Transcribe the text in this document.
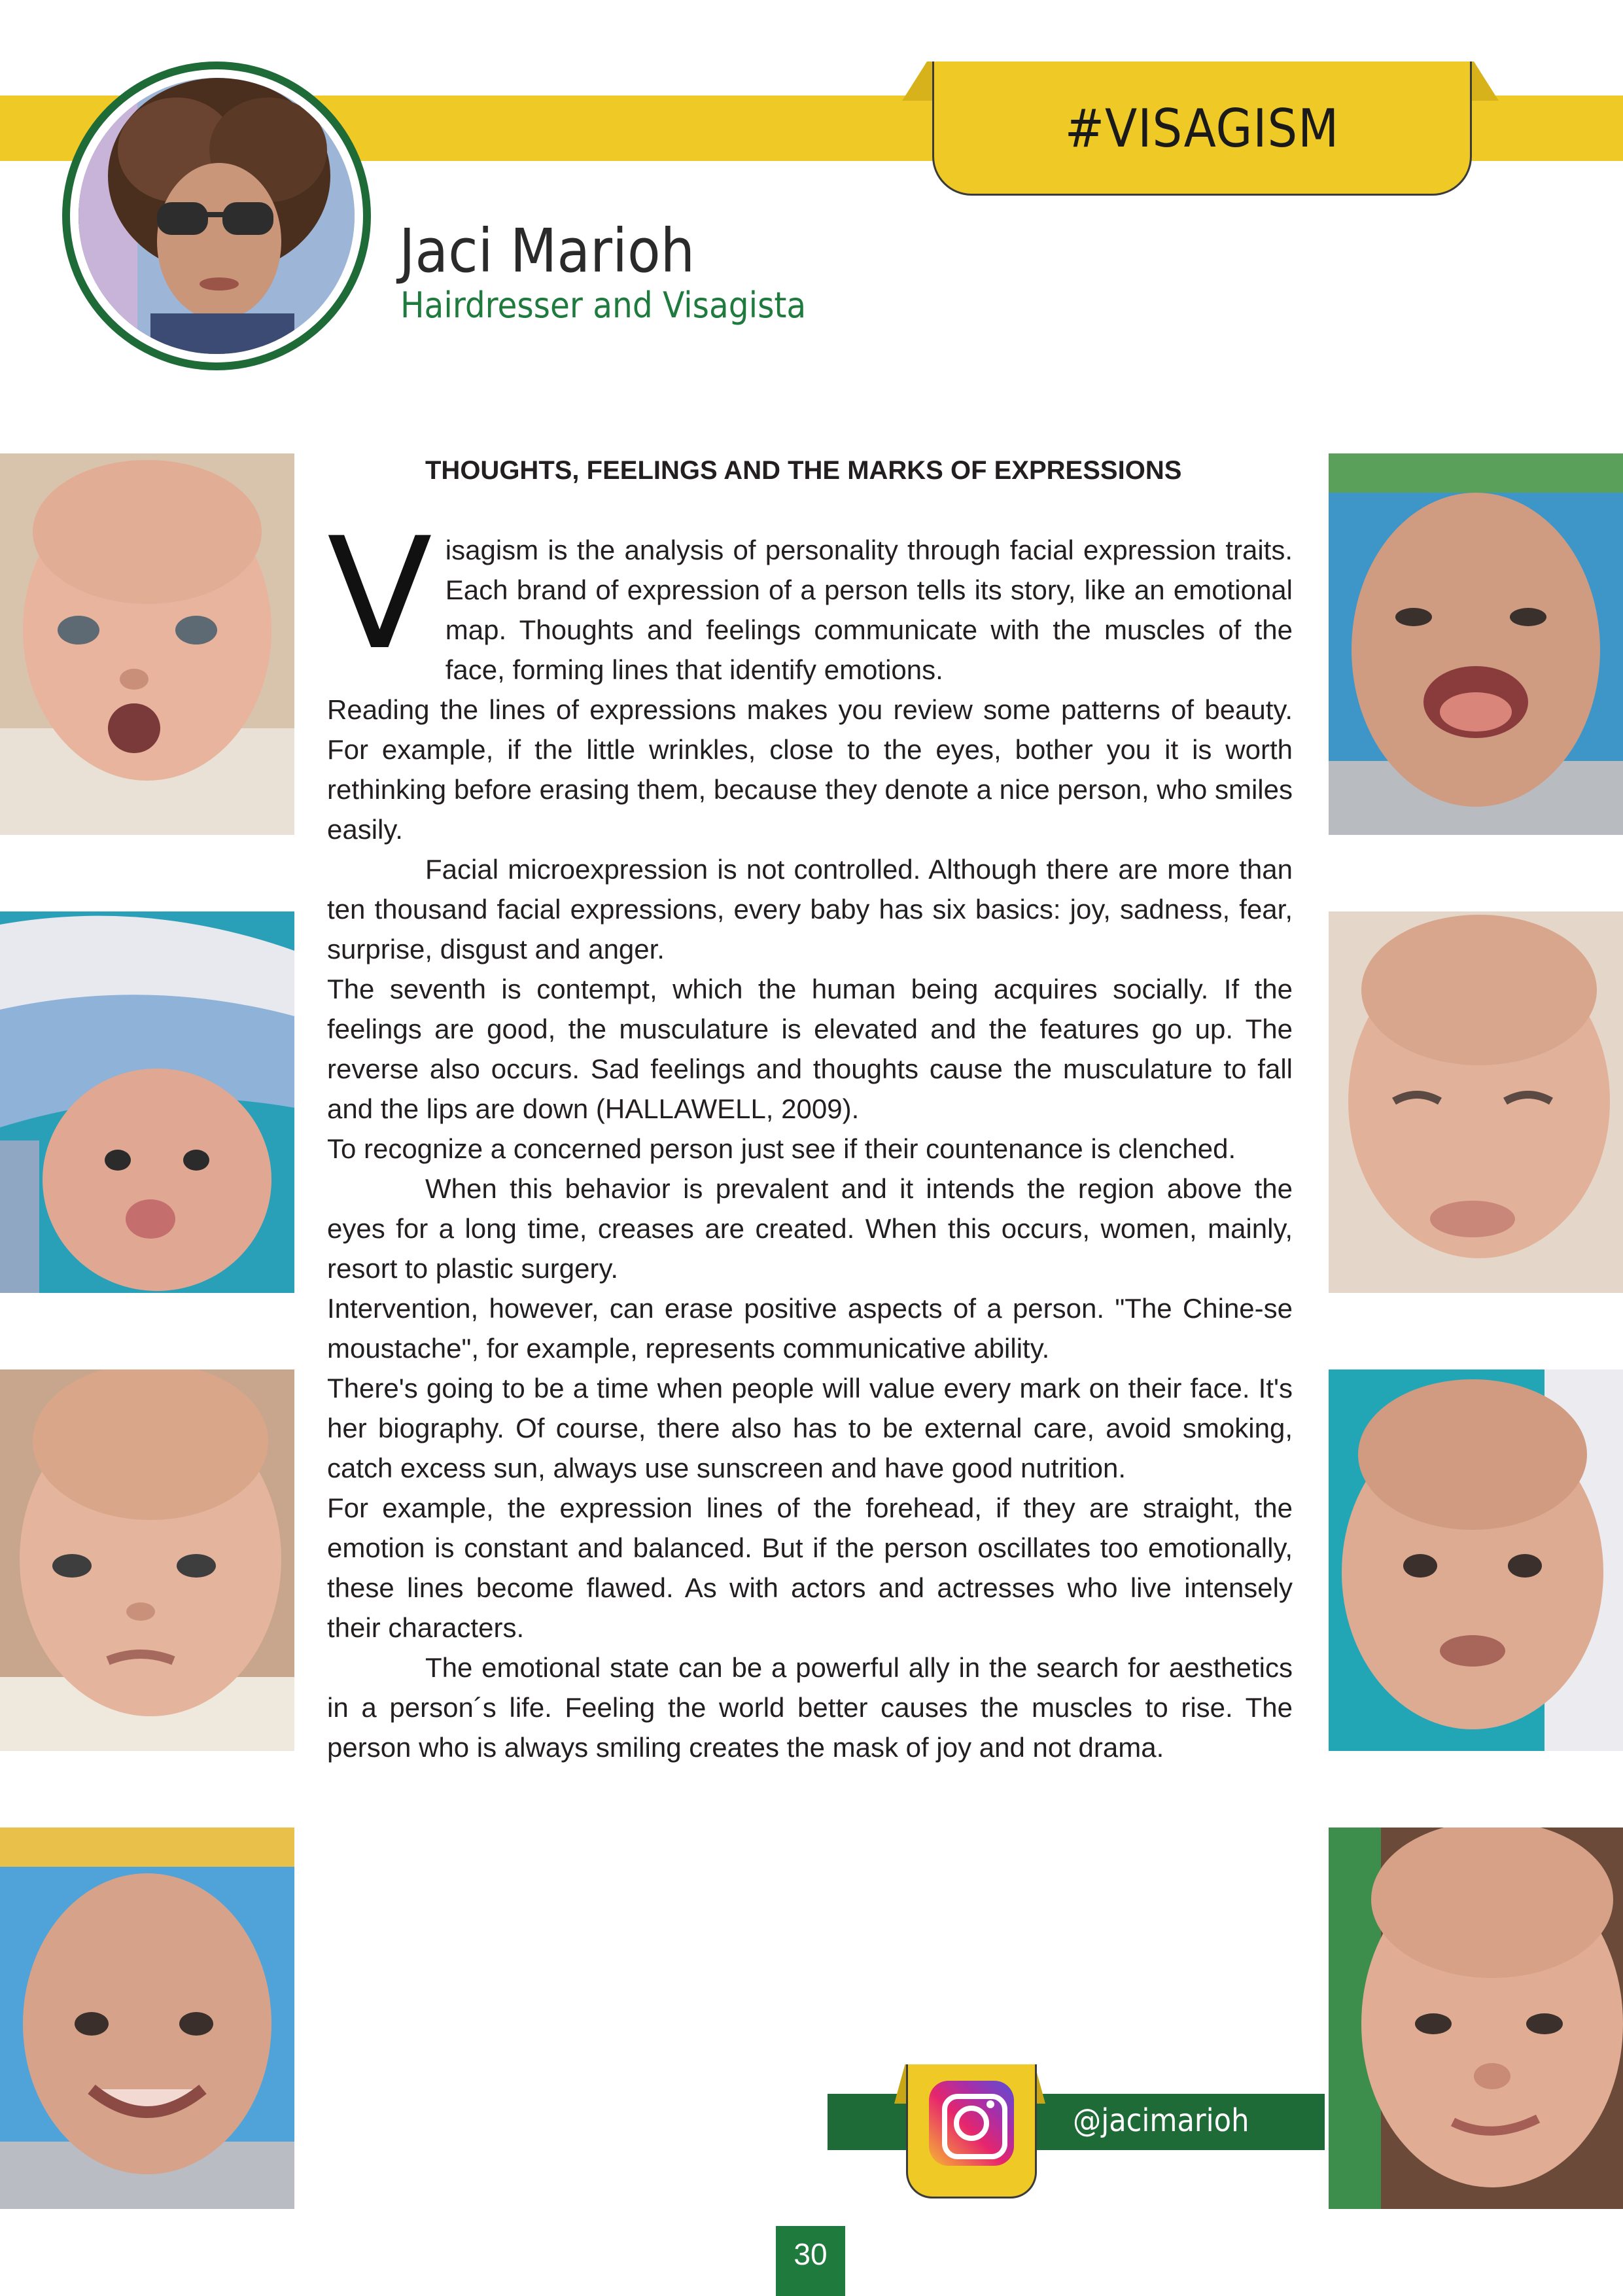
#VISAGISM
Jaci Marioh
Hairdresser and Visagista
THOUGHTS, FEELINGS AND THE MARKS OF EXPRESSIONS

Visagism is the analysis of personality through facial expression traits. Each brand of expression of a person tells its story, like an emotional map. Thoughts and feelings communicate with the muscles of the face, forming lines that identify emotions.

Reading the lines of expressions makes you review some patterns of beauty. For example, if the little wrinkles, close to the eyes, bother you it is worth rethinking before erasing them, because they denote a nice person, who smiles easily.

Facial microexpression is not controlled. Although there are more than ten thousand facial expressions, every baby has six basics: joy, sadness, fear, surprise, disgust and anger.

The seventh is contempt, which the human being acquires socially. If the feelings are good, the musculature is elevated and the features go up. The reverse also occurs. Sad feelings and thoughts cause the musculature to fall and the lips are down (HALLAWELL, 2009).

To recognize a concerned person just see if their countenance is clenched.

When this behavior is prevalent and it intends the region above the eyes for a long time, creases are created. When this occurs, women, mainly, resort to plastic surgery.

Intervention, however, can erase positive aspects of a person. "The Chine-se moustache", for example, represents communicative ability.

There's going to be a time when people will value every mark on their face. It's her biography. Of course, there also has to be external care, avoid smoking, catch excess sun, always use sunscreen and have good nutrition.

For example, the expression lines of the forehead, if they are straight, the emotion is constant and balanced. But if the person oscillates too emotionally, these lines become flawed. As with actors and actresses who live intensely their characters.

The emotional state can be a powerful ally in the search for aesthetics in a person´s life. Feeling the world better causes the muscles to rise. The person who is always smiling creates the mask of joy and not drama.

@jacimarioh
30
